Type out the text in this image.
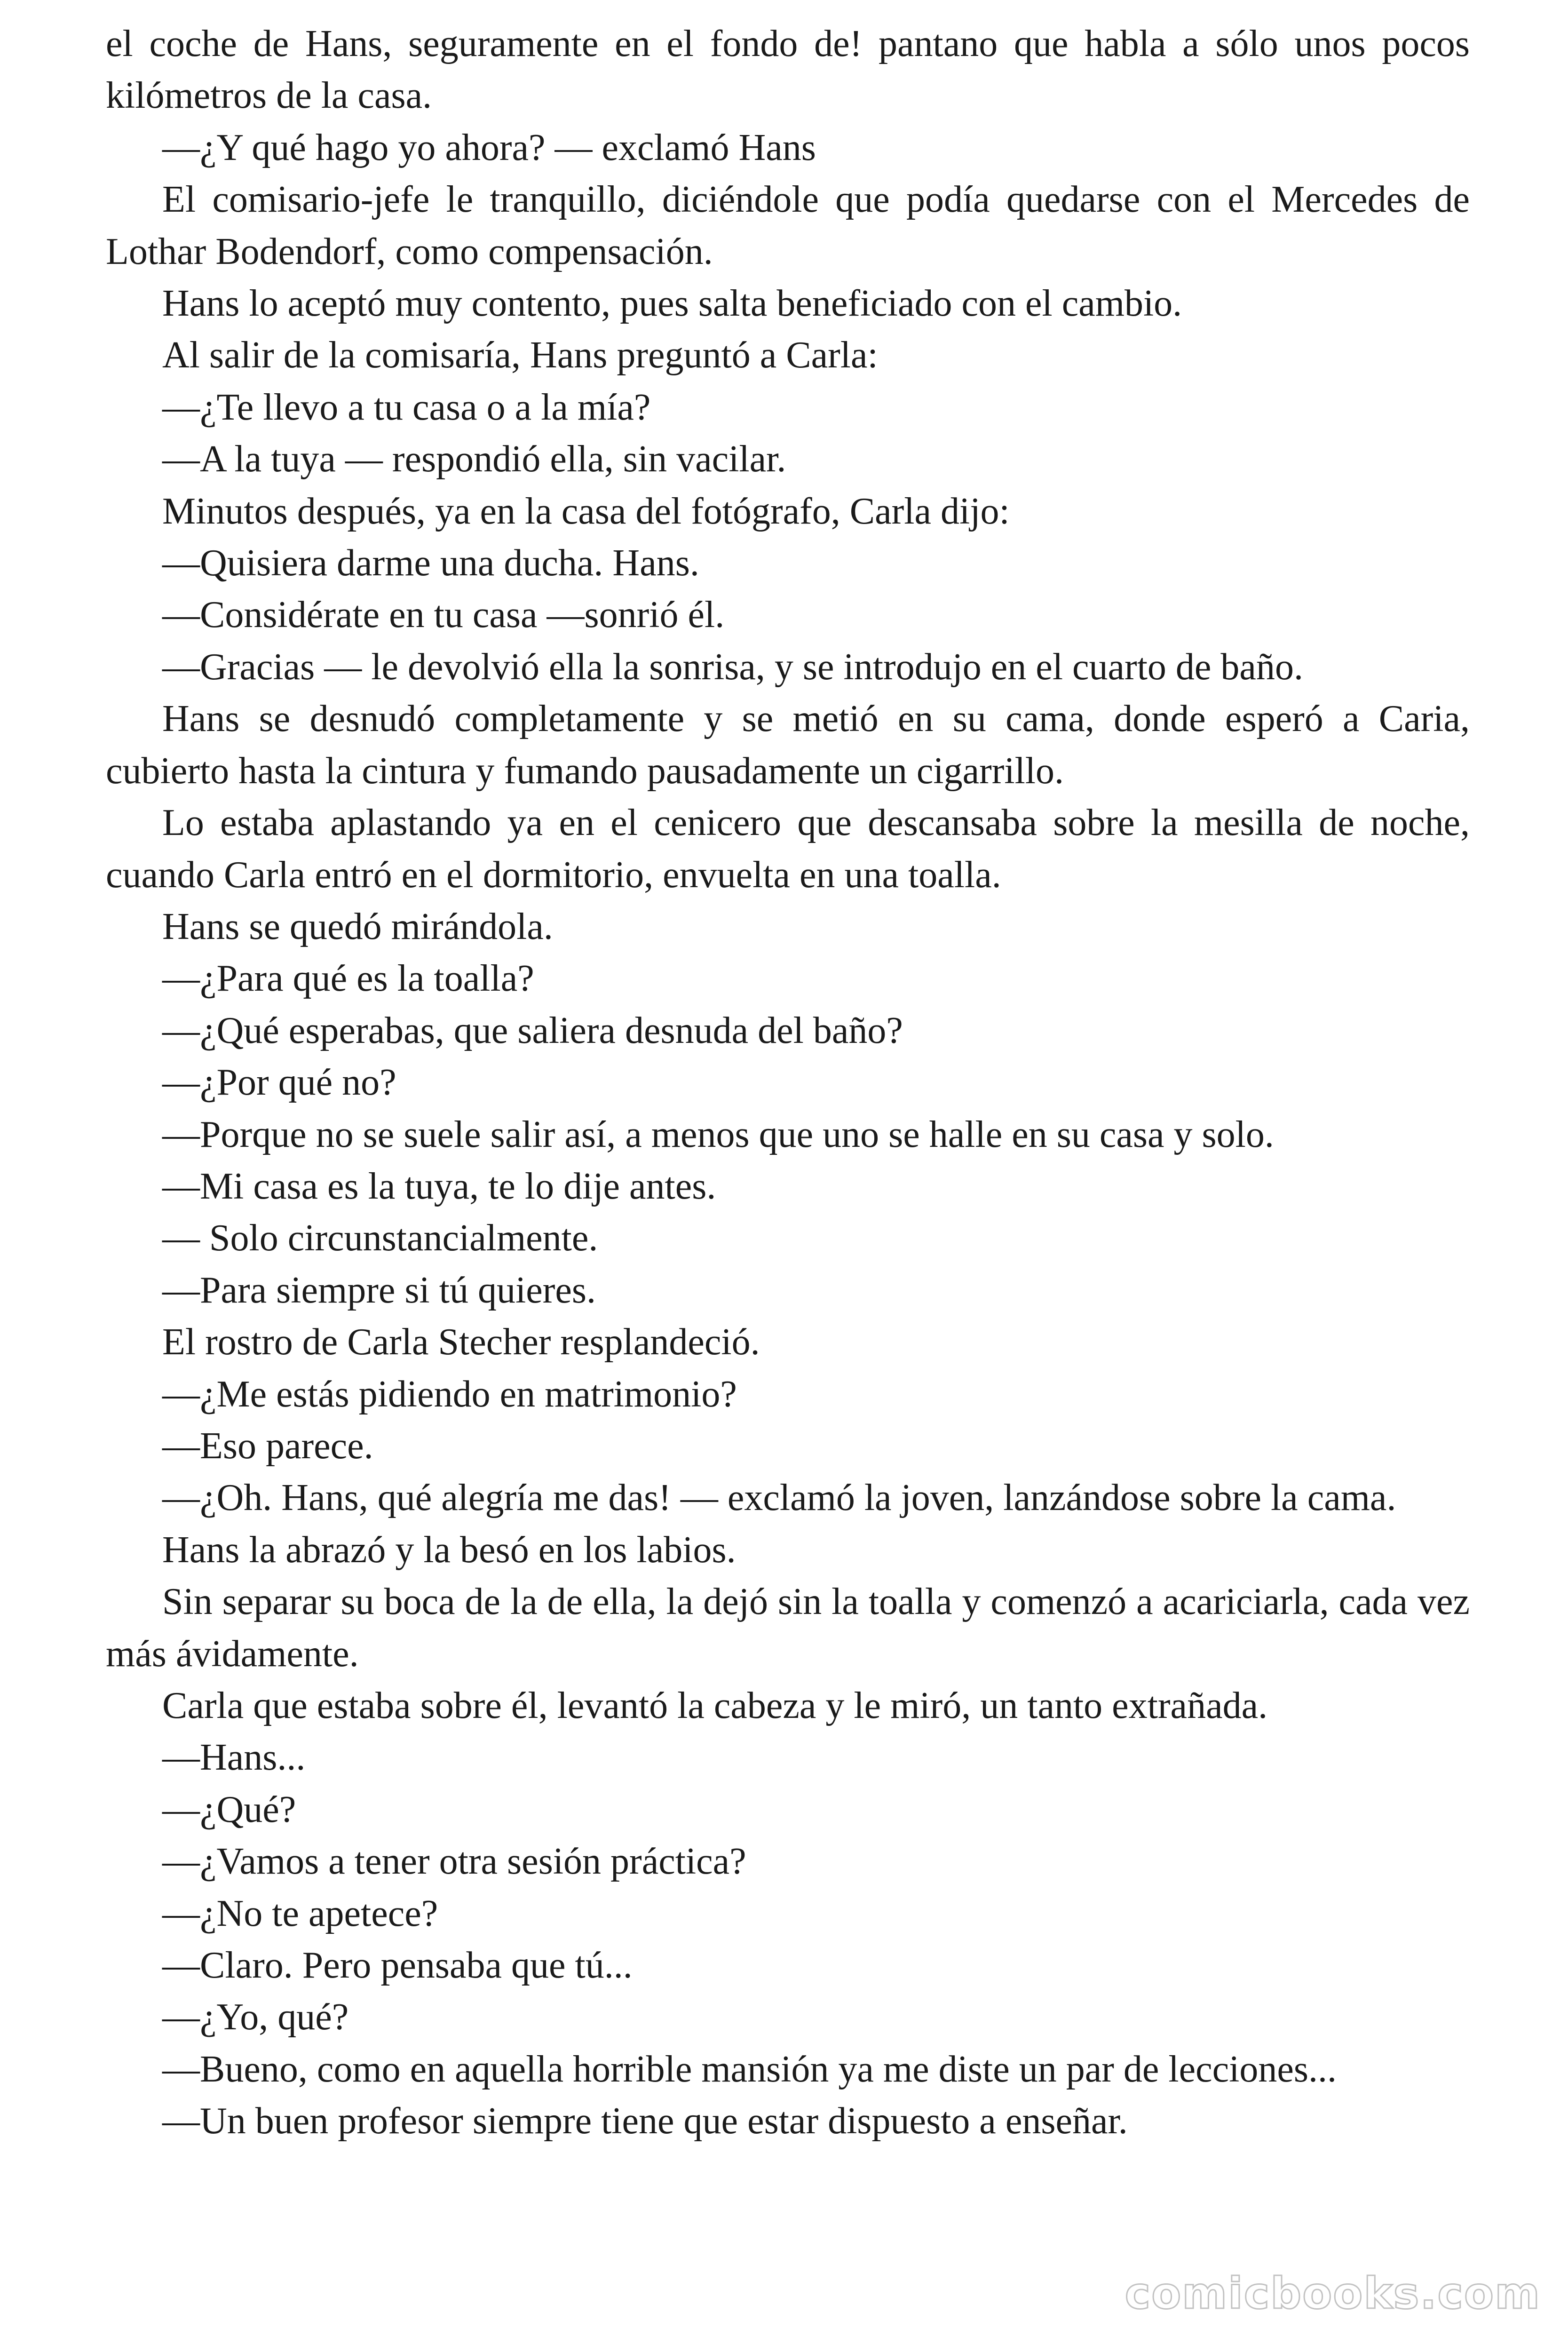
el coche de Hans, seguramente en el fondo de! pantano que habla a sólo unos pocos kilómetros de la casa.

—¿Y qué hago yo ahora? — exclamó Hans

El comisario-jefe le tranquillo, diciéndole que podía quedarse con el Mercedes de Lothar Bodendorf, como compensación.

Hans lo aceptó muy contento, pues salta beneficiado con el cambio.

Al salir de la comisaría, Hans preguntó a Carla:

—¿Te llevo a tu casa o a la mía?

—A la tuya — respondió ella, sin vacilar.

Minutos después, ya en la casa del fotógrafo, Carla dijo:

—Quisiera darme una ducha. Hans.

—Considérate en tu casa —sonrió él.

—Gracias — le devolvió ella la sonrisa, y se introdujo en el cuarto de baño.

Hans se desnudó completamente y se metió en su cama, donde esperó a Caria, cubierto hasta la cintura y fumando pausadamente un cigarrillo.

Lo estaba aplastando ya en el cenicero que descansaba sobre la mesilla de noche, cuando Carla entró en el dormitorio, envuelta en una toalla.

Hans se quedó mirándola.

—¿Para qué es la toalla?

—¿Qué esperabas, que saliera desnuda del baño?

—¿Por qué no?

—Porque no se suele salir así, a menos que uno se halle en su casa y solo.

—Mi casa es la tuya, te lo dije antes.

— Solo circunstancialmente.

—Para siempre si tú quieres.

El rostro de Carla Stecher resplandeció.

—¿Me estás pidiendo en matrimonio?

—Eso parece.

—¿Oh. Hans, qué alegría me das! — exclamó la joven, lanzándose sobre la cama.

Hans la abrazó y la besó en los labios.

Sin separar su boca de la de ella, la dejó sin la toalla y comenzó a acariciarla, cada vez más ávidamente.

Carla que estaba sobre él, levantó la cabeza y le miró, un tanto extrañada.

—Hans...

—¿Qué?

—¿Vamos a tener otra sesión práctica?

—¿No te apetece?

—Claro. Pero pensaba que tú...

—¿Yo, qué?

—Bueno, como en aquella horrible mansión ya me diste un par de lecciones...

—Un buen profesor siempre tiene que estar dispuesto a enseñar.

comicbooks.com
